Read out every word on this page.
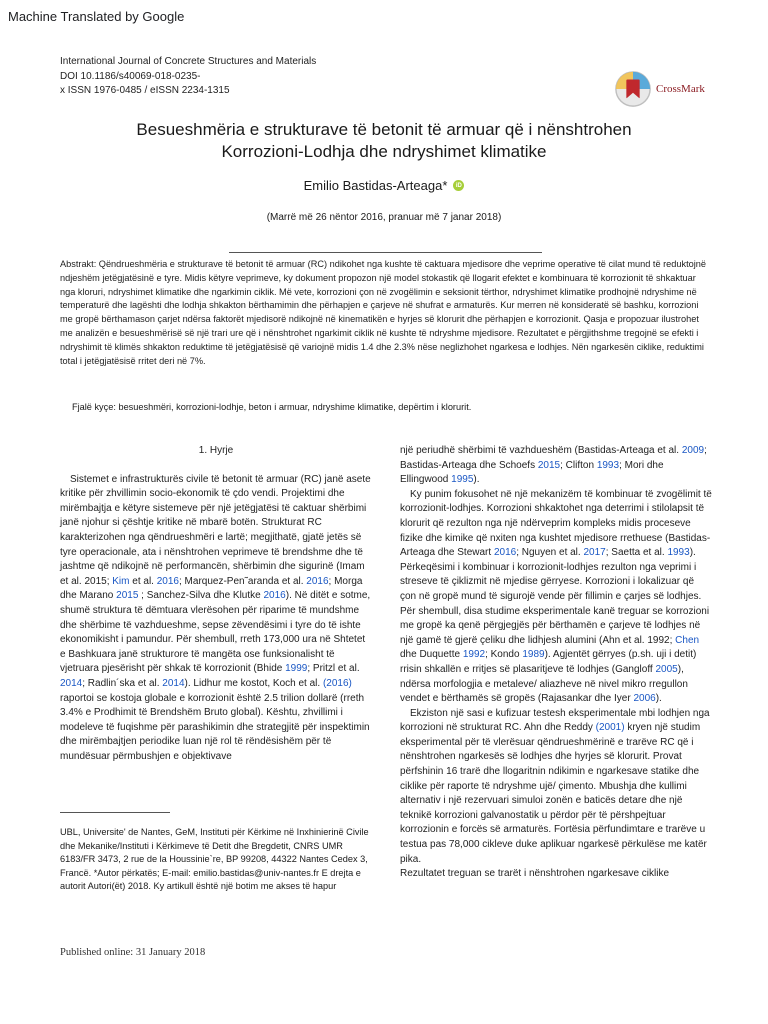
Machine Translated by Google
International Journal of Concrete Structures and Materials
DOI 10.1186/s40069-018-0235-
x ISSN 1976-0485 / eISSN 2234-1315	CrossMark
Besueshmëria e strukturave të betonit të armuar që i nënshtrohen
Korrozioni-Lodhja dhe ndryshimet klimatike
Emilio Bastidas-Arteaga*	iD
(Marrë më 26 nëntor 2016, pranuar më 7 janar 2018)
Abstrakt: Qëndrueshmëria e strukturave të betonit të armuar (RC) ndikohet nga kushte të caktuara mjedisore dhe veprime operative të cilat mund të reduktojnë ndjeshëm jetëgjatësinë e tyre. Midis këtyre veprimeve, ky dokument propozon një model stokastik që llogarit efektet e kombinuara të korrozionit të shkaktuar nga kloruri, ndryshimet klimatike dhe ngarkimin ciklik. Më vete, korrozioni çon në zvogëlimin e seksionit tërthor, ndryshimet klimatike prodhojnë ndryshime në temperaturë dhe lagështi dhe lodhja shkakton bërthamimin dhe përhapjen e çarjeve në shufrat e armaturës. Kur merren në konsideratë së bashku, korrozioni me gropë bërthamason çarjet ndërsa faktorët mjedisorë ndikojnë në kinematikën e hyrjes së klorurit dhe përhapjen e korrozionit. Qasja e propozuar ilustrohet me analizën e besueshmërisë së një trari ure që i nënshtrohet ngarkimit ciklik në kushte të ndryshme mjedisore. Rezultatet e përgjithshme tregojnë se efekti i ndryshimit të klimës shkakton reduktime të jetëgjatësisë që variojnë midis 1.4 dhe 2.3% nëse neglizhohet ngarkesa e lodhjes. Nën ngarkesën ciklike, reduktimi total i jetëgjatësisë rritet deri në 7%.
Fjalë kyçe: besueshmëri, korrozioni-lodhje, beton i armuar, ndryshime klimatike, depërtim i klorurit.

1. Hyrje

Sistemet e infrastrukturës civile të betonit të armuar (RC) janë asete kritike për zhvillimin socio-ekonomik të çdo vendi. Projektimi dhe mirëmbajtja e këtyre sistemeve për një jetëgjatësi të caktuar shërbimi janë njohur si çështje kritike në mbarë botën. Strukturat RC karakterizohen nga qëndrueshmëri e lartë; megjithatë, gjatë jetës së tyre operacionale, ata i nënshtrohen veprimeve të brendshme dhe të jashtme që ndikojnë në performancën, shërbimin dhe sigurinë (Imam et al. 2015; Kim et al. 2016; Marquez-Pen˜aranda et al. 2016; Morga dhe Marano 2015 ; Sanchez-Silva dhe Klutke 2016). Në ditët e sotme, shumë struktura të dëmtuara vlerësohen për riparime të mundshme dhe shërbime të vazhdueshme, sepse zëvendësimi i tyre do të ishte ekonomikisht i pamundur. Për shembull, rreth 173,000 ura në Shtetet e Bashkuara janë strukturore të mangëta ose funksionalisht të vjetruara pjesërisht për shkak të korrozionit (Bhide 1999; Pritzl et al. 2014; Radlin´ska et al. 2014). Lidhur me kostot, Koch et al. (2016) raportoi se kostoja globale e korrozionit është 2.5 trilion dollarë (rreth 3.4% e Prodhimit të Brendshëm Bruto global). Kështu, zhvillimi i modeleve të fuqishme për parashikimin dhe strategjitë për inspektimin dhe mirëmbajtjen periodike luan një rol të rëndësishëm për të mundësuar përmbushjen e objektivave

një periudhë shërbimi të vazhdueshëm (Bastidas-Arteaga et al. 2009; Bastidas-Arteaga dhe Schoefs 2015; Clifton 1993; Mori dhe Ellingwood 1995).

Ky punim fokusohet në një mekanizëm të kombinuar të zvogëlimit të korrozionit-lodhjes. Korrozioni shkaktohet nga deterrimi i stilolapsit të klorurit që rezulton nga një ndërveprim kompleks midis proceseve fizike dhe kimike që nxiten nga kushtet mjedisore rrethuese (Bastidas-Arteaga dhe Stewart 2016; Nguyen et al. 2017; Saetta et al. 1993). Përkeqësimi i kombinuar i korrozionit-lodhjes rezulton nga veprimi i streseve të çiklizmit në mjedise gërryese. Korrozioni i lokalizuar që çon në gropë mund të sigurojë vende për fillimin e çarjes së lodhjes. Për shembull, disa studime eksperimentale kanë treguar se korrozioni me gropë ka qenë përgjegjës për bërthamën e çarjeve të lodhjes në një gamë të gjerë çeliku dhe lidhjesh alumini (Ahn et al. 1992; Chen dhe Duquette 1992; Kondo 1989). Agjentët gërryes (p.sh. uji i detit) rrisin shkallën e rritjes së plasaritjeve të lodhjes (Gangloff 2005), ndërsa morfologjia e metaleve/ aliazheve në nivel mikro rregullon vendet e bërthamës së gropës (Rajasankar dhe Iyer 2006).

Ekziston një sasi e kufizuar testesh eksperimentale mbi lodhjen nga korrozioni në strukturat RC. Ahn dhe Reddy (2001) kryen një studim eksperimental për të vlerësuar qëndrueshmërinë e trarëve RC që i nënshtrohen ngarkesës së lodhjes dhe hyrjes së klorurit. Provat përfshinin 16 trarë dhe llogaritnin ndikimin e ngarkesave statike dhe ciklike për raporte të ndryshme ujë/ çimento. Mbushja dhe kullimi alternativ i një rezervuari simuloi zonën e baticës detare dhe një teknikë korrozioni galvanostatik u përdor për të përshpejtuar korrozionin e forcës së armaturës. Fortësia përfundimtare e trarëve u testua pas 78,000 cikleve duke aplikuar ngarkesë përkulëse me katër pika.

Rezultatet treguan se trarët i nënshtrohen ngarkesave ciklike

UBL, Universite' de Nantes, GeM, Instituti për Kërkime në Inxhinierinë Civile dhe Mekanike/Instituti i Kërkimeve të Detit dhe Bregdetit, CNRS UMR 6183/FR 3473, 2 rue de la Houssinie`re, BP 99208, 44322 Nantes Cedex 3, Francë. *Autor përkatës; E-mail: emilio.bastidas@univ-nantes.fr E drejta e autorit Autori(ët) 2018. Ky artikull është një botim me akses të hapur
Published online: 31 January 2018
